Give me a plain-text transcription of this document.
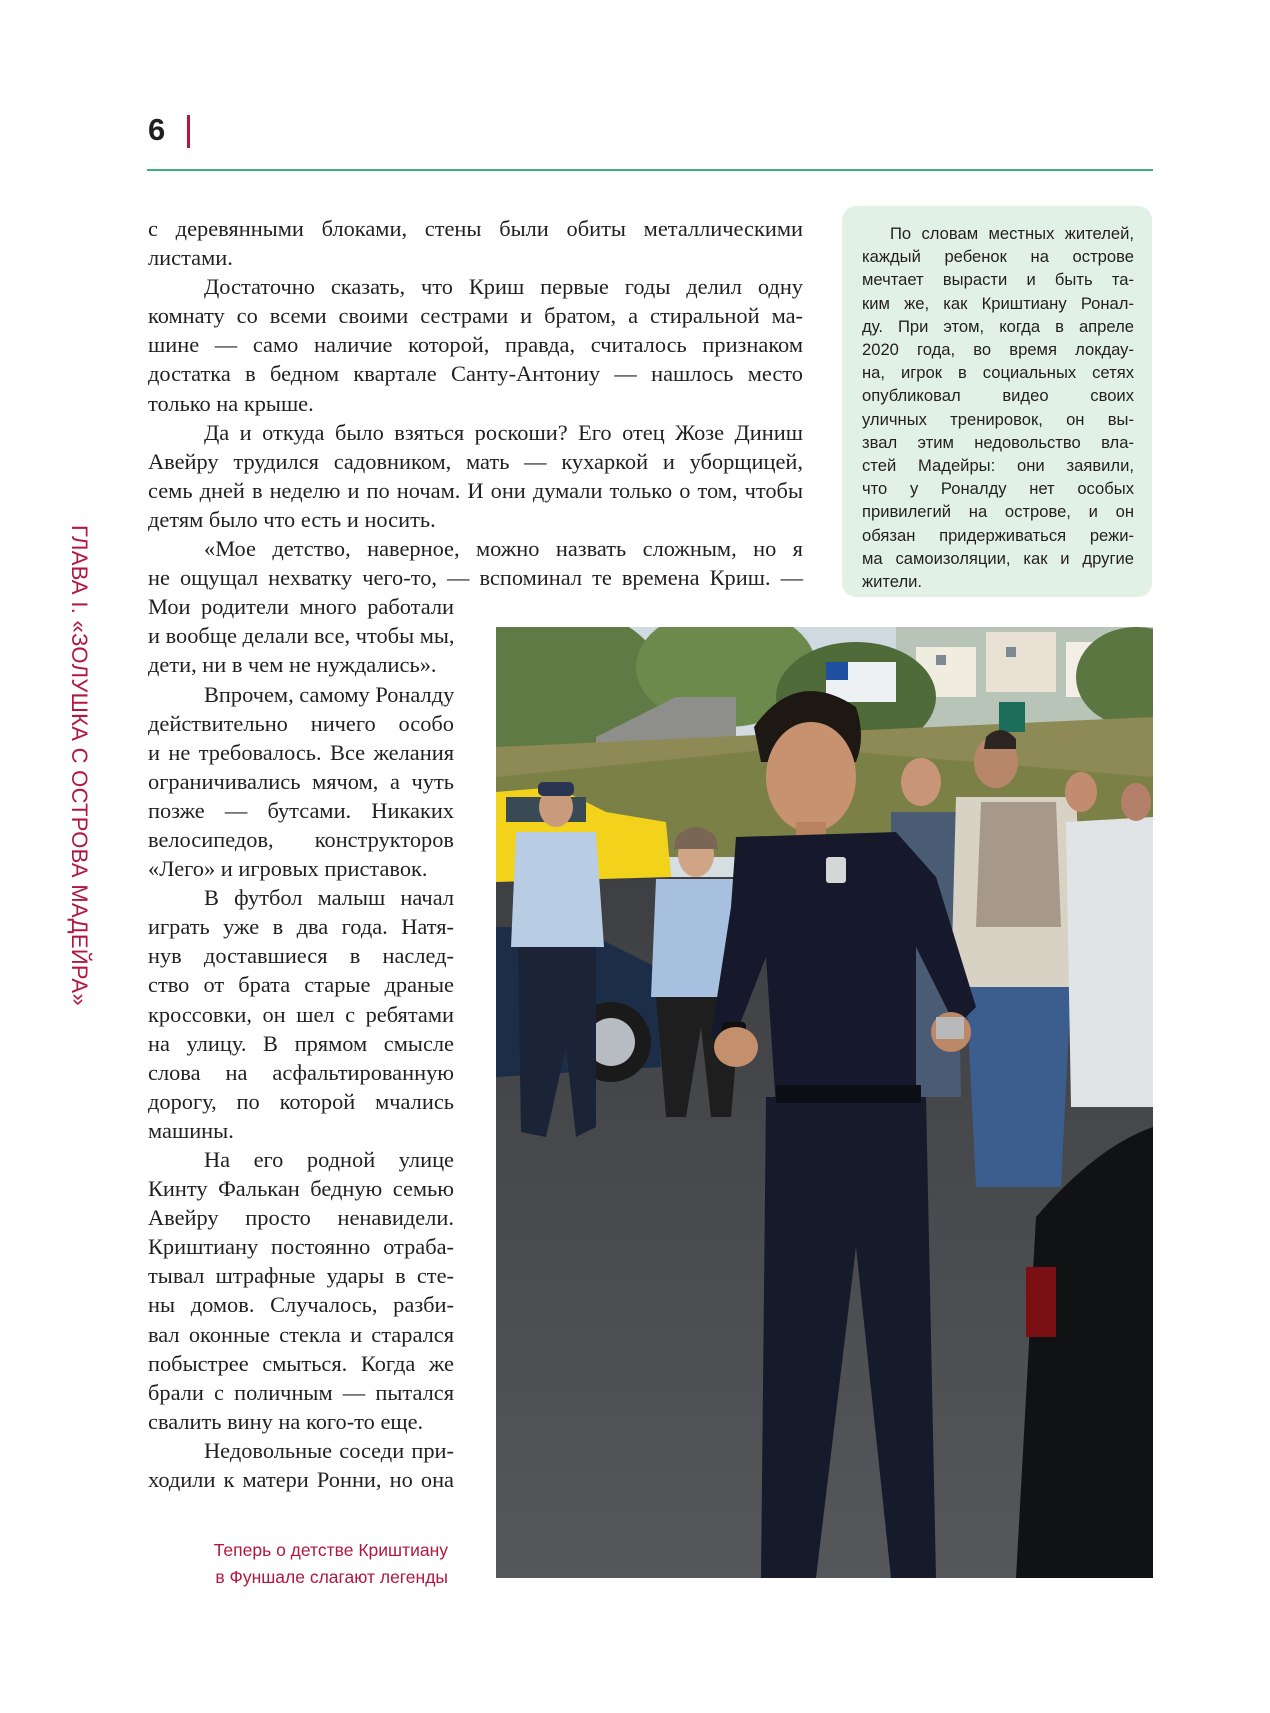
6
ГЛАВА I. «ЗОЛУШКА С ОСТРОВА МАДЕЙРА»
с деревянными блоками, стены были обиты металлическими
листами.
Достаточно сказать, что Криш первые годы делил одну
комнату со всеми своими сестрами и братом, а стиральной ма-
шине — само наличие которой, правда, считалось признаком
достатка в бедном квартале Санту-Антониу — нашлось место
только на крыше.
Да и откуда было взяться роскоши? Его отец Жозе Диниш
Авейру трудился садовником, мать — кухаркой и уборщицей,
семь дней в неделю и по ночам. И они думали только о том, чтобы
детям было что есть и носить.
«Мое детство, наверное, можно назвать сложным, но я
не ощущал нехватку чего-то, — вспоминал те времена Криш. —
Мои родители много работали
и вообще делали все, чтобы мы,
дети, ни в чем не нуждались».
Впрочем, самому Роналду
действительно ничего особо
и не требовалось. Все желания
ограничивались мячом, а чуть
позже — бутсами. Никаких
велосипедов, конструкторов
«Лего» и игровых приставок.
В футбол малыш начал
играть уже в два года. Натя-
нув доставшиеся в наслед-
ство от брата старые драные
кроссовки, он шел с ребятами
на улицу. В прямом смысле
слова на асфальтированную
дорогу, по которой мчались
машины.
На его родной улице
Кинту Фалькан бедную семью
Авейру просто ненавидели.
Криштиану постоянно отраба-
тывал штрафные удары в сте-
ны домов. Случалось, разби-
вал оконные стекла и старался
побыстрее смыться. Когда же
брали с поличным — пытался
свалить вину на кого-то еще.
Недовольные соседи при-
ходили к матери Ронни, но она
По словам местных жителей,
каждый ребенок на острове
мечтает вырасти и быть та-
ким же, как Криштиану Ронал-
ду. При этом, когда в апреле
2020 года, во время локдау-
на, игрок в социальных сетях
опубликовал видео своих
уличных тренировок, он вы-
звал этим недовольство вла-
стей Мадейры: они заявили,
что у Роналду нет особых
привилегий на острове, и он
обязан придерживаться режи-
ма самоизоляции, как и другие
жители.
Теперь о детстве Криштиану
в Фуншале слагают легенды
